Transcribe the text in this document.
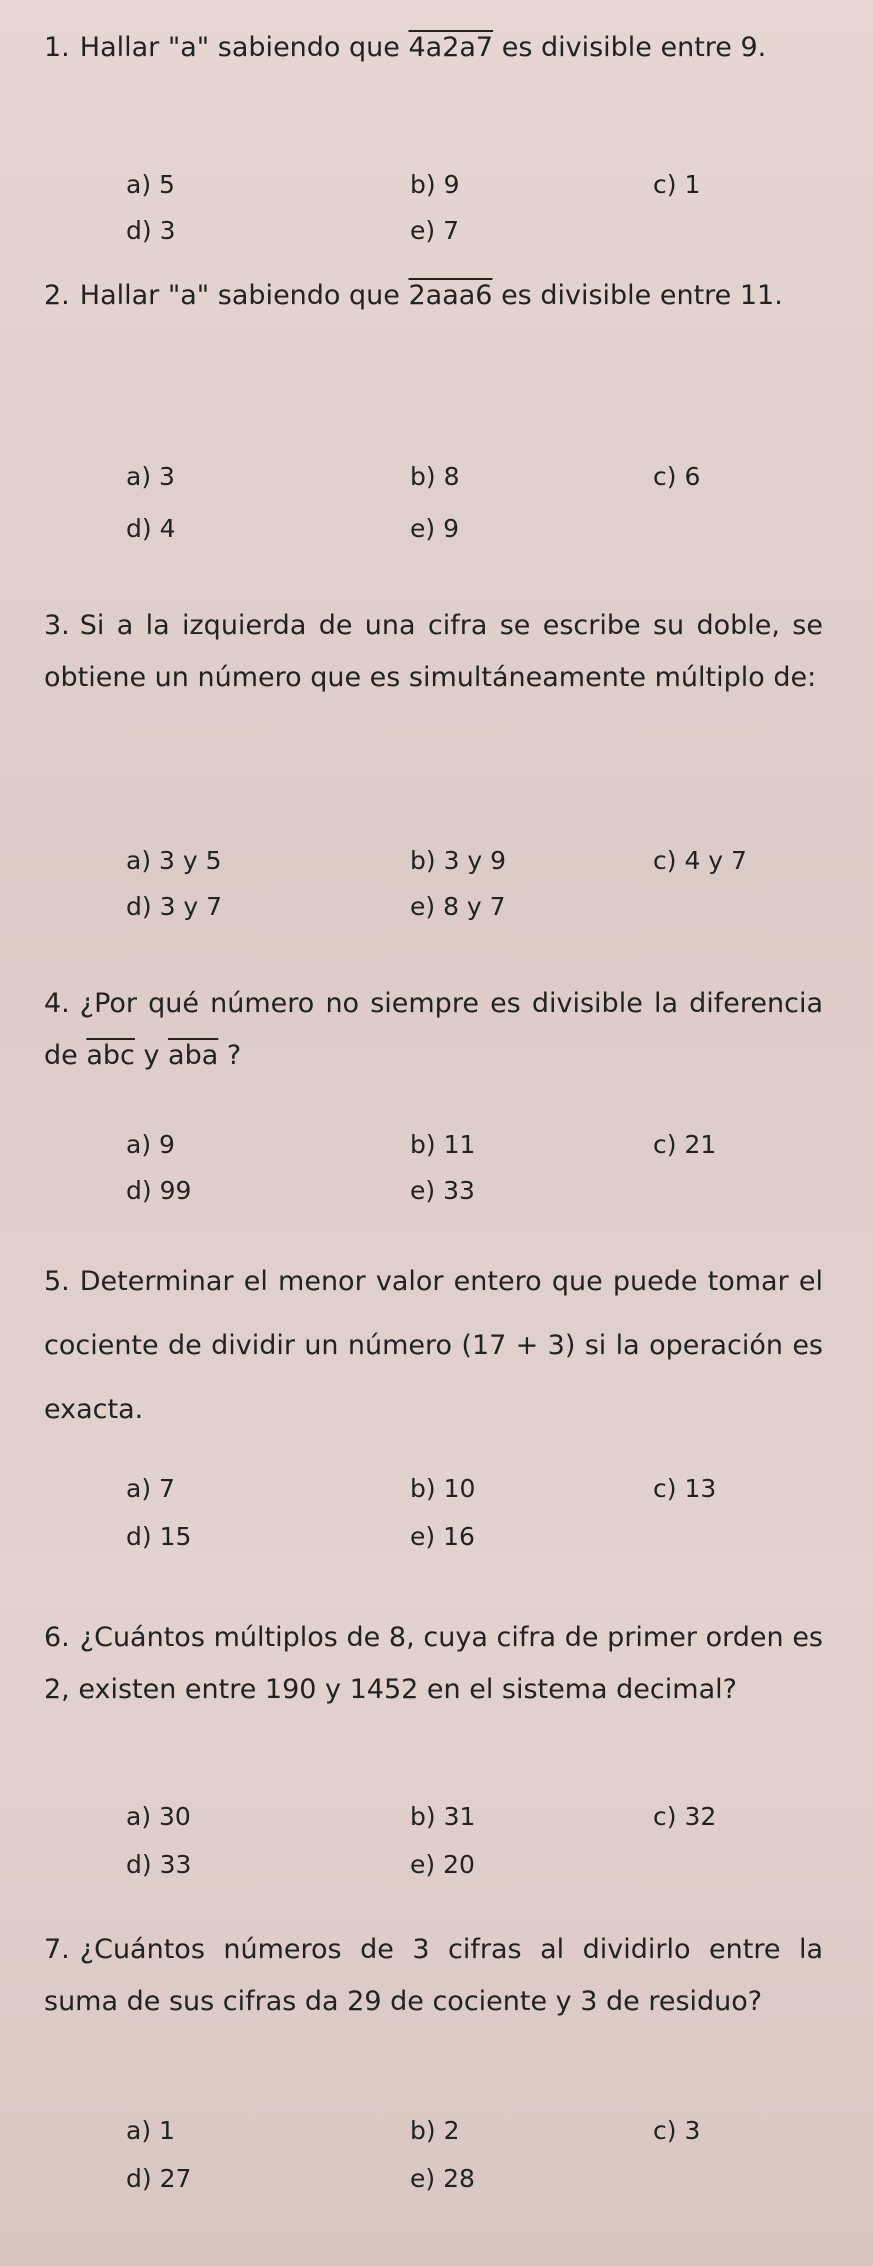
1. Hallar "a" sabiendo que 4a2a7 es divisible entre 9.
a) 5	b) 9	c) 1
d) 3	e) 7
2. Hallar "a" sabiendo que 2aaa6 es divisible entre 11.
a) 3	b) 8	c) 6
d) 4	e) 9
3. Si a la izquierda de una cifra se escribe su doble, se obtiene un número que es simultáneamente múltiplo de:
a) 3 y 5	b) 3 y 9	c) 4 y 7
d) 3 y 7	e) 8 y 7
4. ¿Por qué número no siempre es divisible la diferencia de $\overline{abc}$ y $\overline{aba}$ ?
a) 9	b) 11	c) 21
d) 99	e) 33
5. Determinar el menor valor entero que puede tomar el cociente de dividir un número (17 + 3) si la operación es exacta.
a) 7	b) 10	c) 13
d) 15	e) 16
6. ¿Cuántos múltiplos de 8, cuya cifra de primer orden es 2, existen entre 190 y 1452 en el sistema decimal?
a) 30	b) 31	c) 32
d) 33	e) 20
7. ¿Cuántos números de 3 cifras al dividirlo entre la suma de sus cifras da 29 de cociente y 3 de residuo?
a) 1	b) 2	c) 3
d) 27	e) 28
